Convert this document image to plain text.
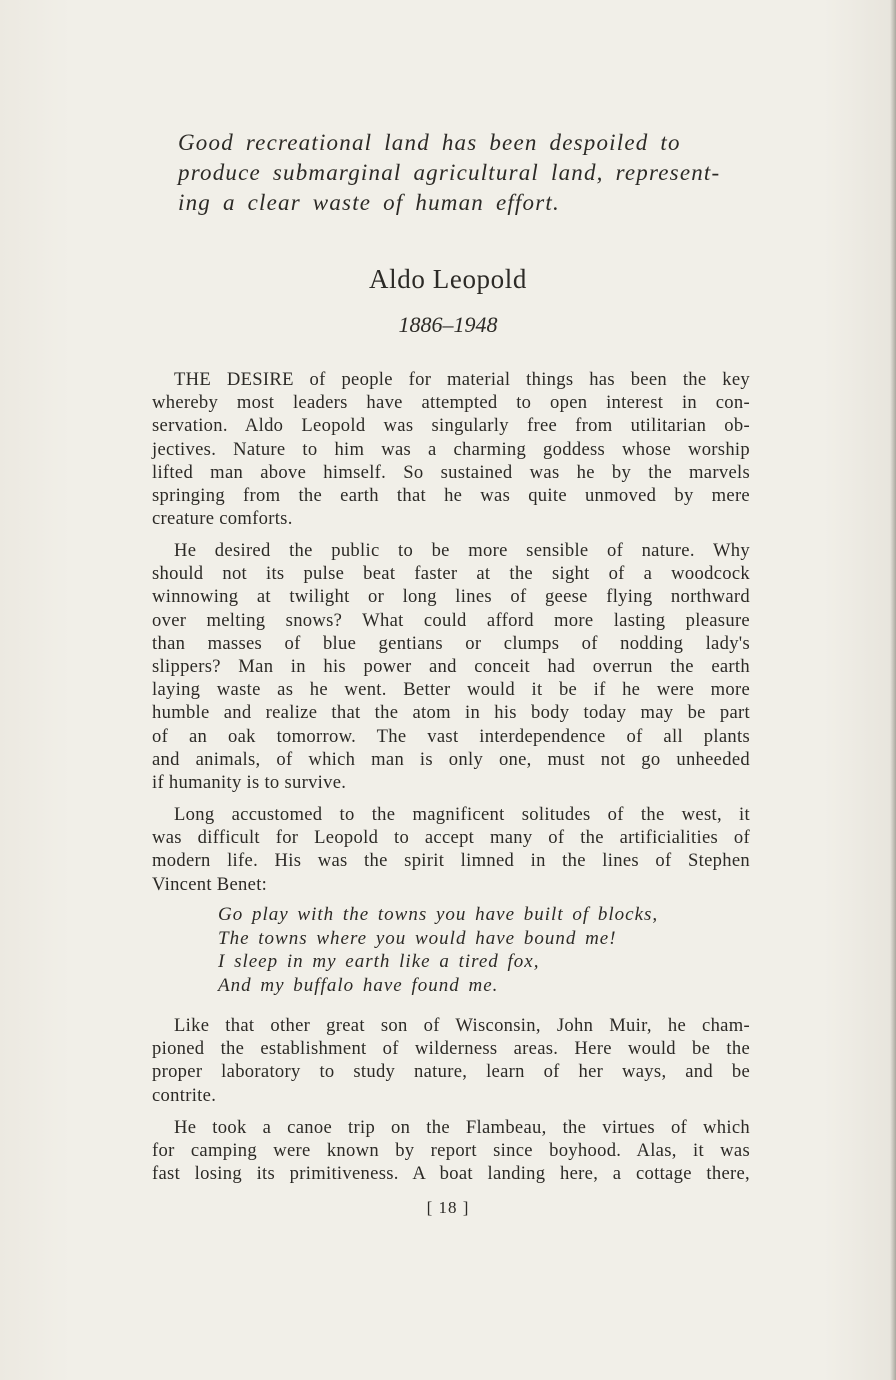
Good recreational land has been despoiled to
produce submarginal agricultural land, represent-
ing a clear waste of human effort.
Aldo Leopold
1886–1948
THE DESIRE of people for material things has been the key
whereby most leaders have attempted to open interest in con-
servation. Aldo Leopold was singularly free from utilitarian ob-
jectives. Nature to him was a charming goddess whose worship
lifted man above himself. So sustained was he by the marvels
springing from the earth that he was quite unmoved by mere
creature comforts.
He desired the public to be more sensible of nature. Why
should not its pulse beat faster at the sight of a woodcock
winnowing at twilight or long lines of geese flying northward
over melting snows? What could afford more lasting pleasure
than masses of blue gentians or clumps of nodding lady's
slippers? Man in his power and conceit had overrun the earth
laying waste as he went. Better would it be if he were more
humble and realize that the atom in his body today may be part
of an oak tomorrow. The vast interdependence of all plants
and animals, of which man is only one, must not go unheeded
if humanity is to survive.
Long accustomed to the magnificent solitudes of the west, it
was difficult for Leopold to accept many of the artificialities of
modern life. His was the spirit limned in the lines of Stephen
Vincent Benet:
Go play with the towns you have built of blocks,
The towns where you would have bound me!
I sleep in my earth like a tired fox,
And my buffalo have found me.
Like that other great son of Wisconsin, John Muir, he cham-
pioned the establishment of wilderness areas. Here would be the
proper laboratory to study nature, learn of her ways, and be
contrite.
He took a canoe trip on the Flambeau, the virtues of which
for camping were known by report since boyhood. Alas, it was
fast losing its primitiveness. A boat landing here, a cottage there,
[ 18 ]
